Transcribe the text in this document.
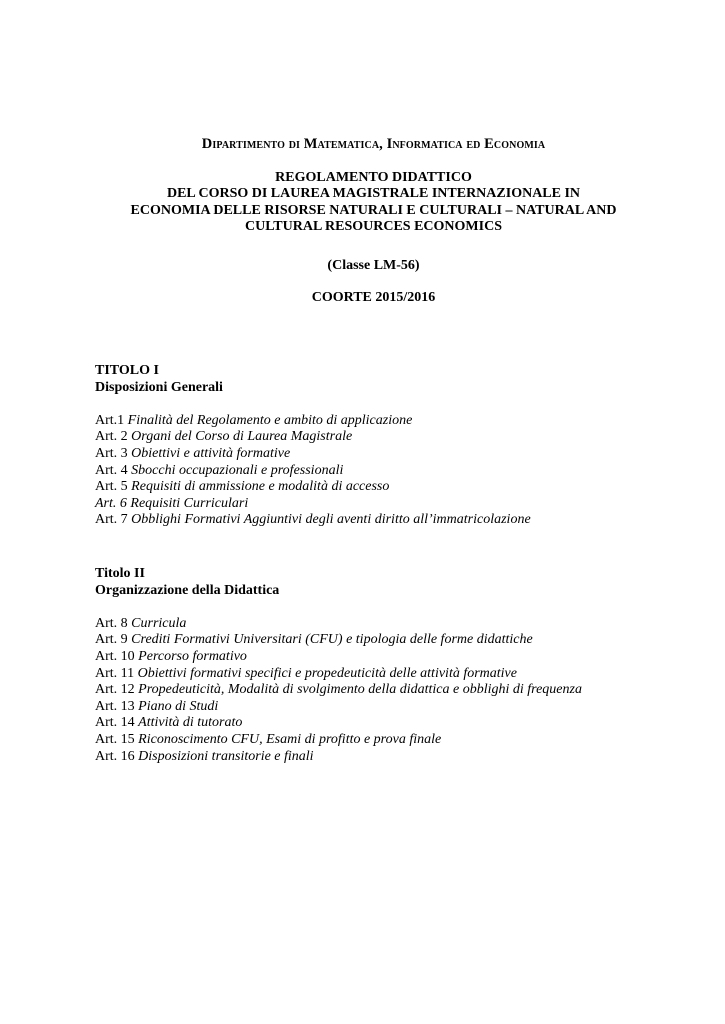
Dipartimento di Matematica, Informatica ed Economia
REGOLAMENTO DIDATTICO
DEL CORSO DI LAUREA MAGISTRALE INTERNAZIONALE IN
ECONOMIA DELLE RISORSE NATURALI E CULTURALI – NATURAL AND
CULTURAL RESOURCES ECONOMICS
(Classe LM-56)
COORTE 2015/2016
TITOLO I
Disposizioni Generali
Art.1 Finalità del Regolamento e ambito di applicazione
Art. 2 Organi del Corso di Laurea Magistrale
Art. 3 Obiettivi e attività formative
Art. 4 Sbocchi occupazionali e professionali
Art. 5 Requisiti di ammissione e modalità di accesso
Art. 6 Requisiti Curriculari
Art. 7 Obblighi Formativi Aggiuntivi degli aventi diritto all’immatricolazione
Titolo II
Organizzazione della Didattica
Art. 8 Curricula
Art. 9 Crediti Formativi Universitari (CFU) e tipologia delle forme didattiche
Art. 10 Percorso formativo
Art. 11 Obiettivi formativi specifici e propedeuticità delle attività formative
Art. 12 Propedeuticità, Modalità di svolgimento della didattica e obblighi di frequenza
Art. 13 Piano di Studi
Art. 14 Attività di tutorato
Art. 15 Riconoscimento CFU, Esami di profitto e prova finale
Art. 16 Disposizioni transitorie e finali
